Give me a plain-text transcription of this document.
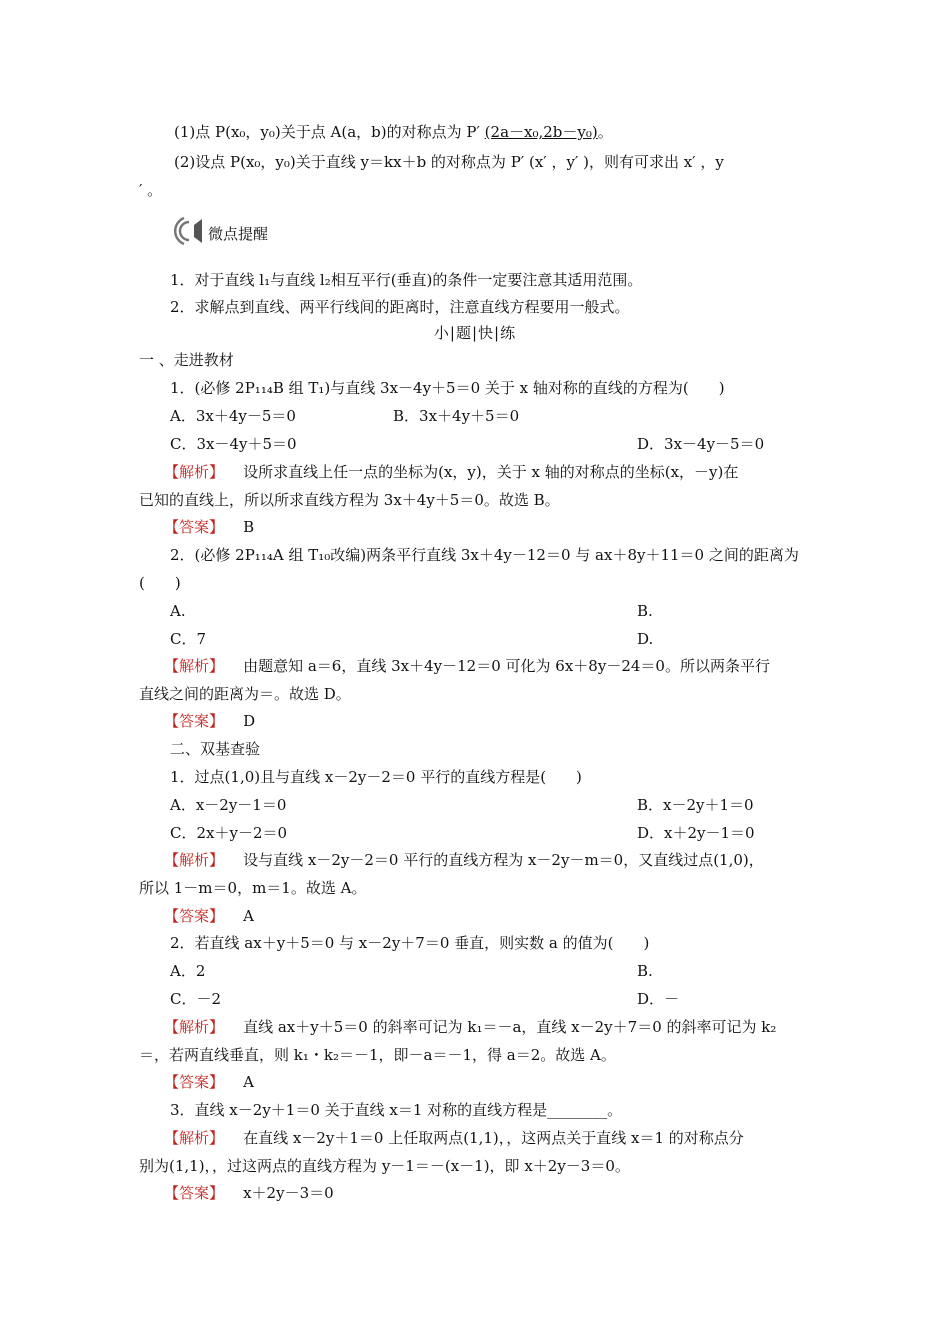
(1)点 P(x₀，y₀)关于点 A(a，b)的对称点为 P′ (2a－x₀,2b－y₀)。
(2)设点 P(x₀，y₀)关于直线 y＝kx＋b 的对称点为 P′ (x′ ，y′ )，则有可求出 x′ ，y
′ 。
微点提醒
1．对于直线 l₁与直线 l₂相互平行(垂直)的条件一定要注意其适用范围。
2．求解点到直线、两平行线间的距离时，注意直线方程要用一般式。
小|题|快|练
一 、走进教材
1．(必修 2P₁₁₄B 组 T₁)与直线 3x－4y＋5＝0 关于 x 轴对称的直线的方程为(　　)
A．3x＋4y－5＝0	B．3x＋4y＋5＝0
C．3x－4y＋5＝0	D．3x－4y－5＝0
【解析】 设所求直线上任一点的坐标为(x，y)，关于 x 轴的对称点的坐标(x，－y)在
已知的直线上，所以所求直线方程为 3x＋4y＋5＝0。故选 B。
【答案】 B
2．(必修 2P₁₁₄A 组 T₁₀改编)两条平行直线 3x＋4y－12＝0 与 ax＋8y＋11＝0 之间的距离为
(　　)
A.	B.
C．7	D.
【解析】 由题意知 a＝6，直线 3x＋4y－12＝0 可化为 6x＋8y－24＝0。所以两条平行
直线之间的距离为＝。故选 D。
【答案】 D
二、双基查验
1．过点(1,0)且与直线 x－2y－2＝0 平行的直线方程是(　　)
A．x－2y－1＝0	B．x－2y＋1＝0
C．2x＋y－2＝0	D．x＋2y－1＝0
【解析】 设与直线 x－2y－2＝0 平行的直线方程为 x－2y－m＝0，又直线过点(1,0)，
所以 1－m＝0，m＝1。故选 A。
【答案】 A
2．若直线 ax＋y＋5＝0 与 x－2y＋7＝0 垂直，则实数 a 的值为(　　)
A．2	B.
C．－2	D．－
【解析】 直线 ax＋y＋5＝0 的斜率可记为 k₁＝－a，直线 x－2y＋7＝0 的斜率可记为 k₂
＝，若两直线垂直，则 k₁・k₂＝－1，即－a＝－1，得 a＝2。故选 A。
【答案】 A
3．直线 x－2y＋1＝0 关于直线 x＝1 对称的直线方程是________。
【解析】 在直线 x－2y＋1＝0 上任取两点(1,1)，，这两点关于直线 x＝1 的对称点分
别为(1,1)，，过这两点的直线方程为 y－1＝－(x－1)，即 x＋2y－3＝0。
【答案】 x＋2y－3＝0
